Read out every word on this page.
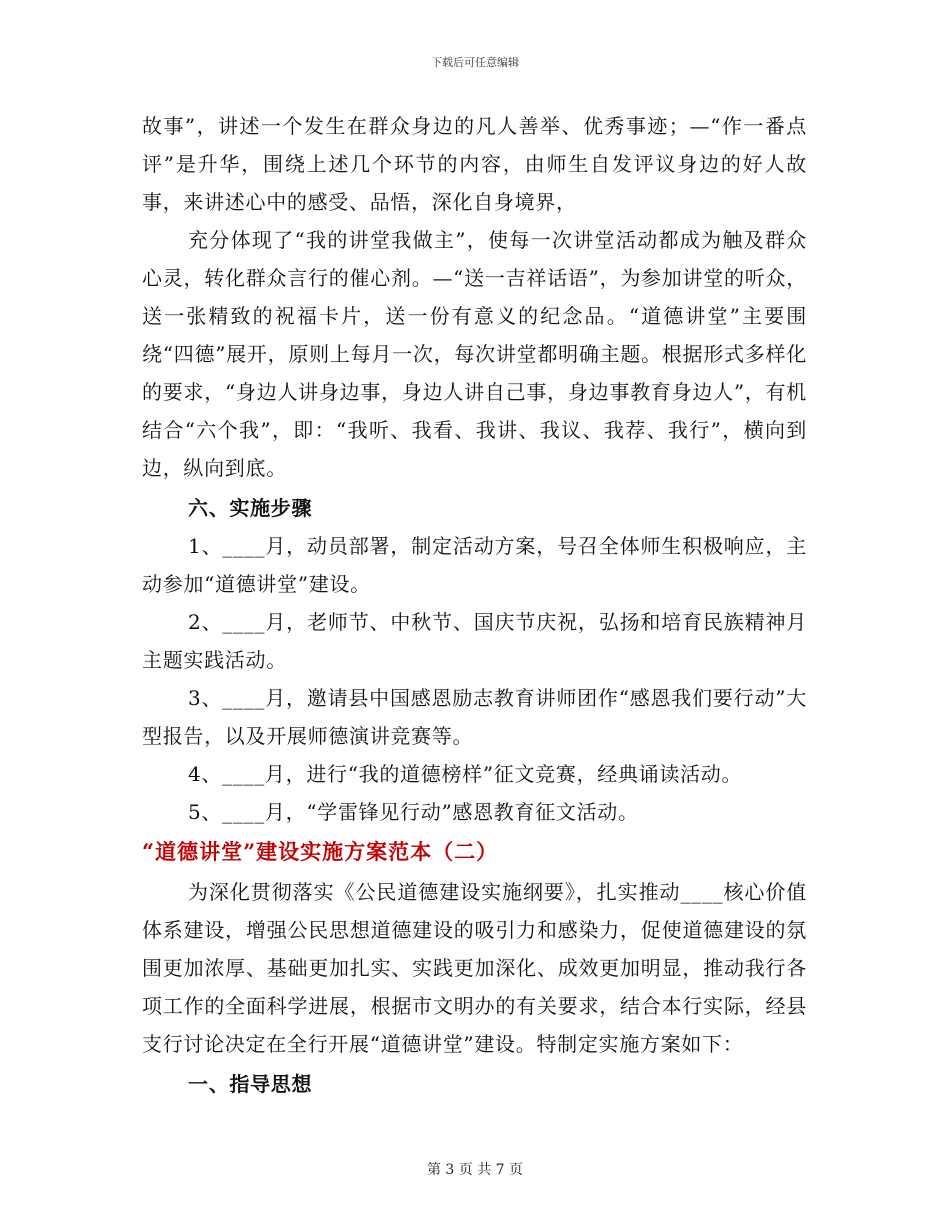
下载后可任意编辑

故事”，讲述一个发生在群众身边的凡人善举、优秀事迹；—“作一番点评”是升华，围绕上述几个环节的内容，由师生自发评议身边的好人故事，来讲述心中的感受、品悟，深化自身境界，

充分体现了“我的讲堂我做主”，使每一次讲堂活动都成为触及群众心灵，转化群众言行的催心剂。—“送一吉祥话语”，为参加讲堂的听众，送一张精致的祝福卡片，送一份有意义的纪念品。“道德讲堂”主要围绕“四德”展开，原则上每月一次，每次讲堂都明确主题。根据形式多样化的要求，“身边人讲身边事，身边人讲自己事，身边事教育身边人”，有机结合“六个我”，即：“我听、我看、我讲、我议、我荐、我行”，横向到边，纵向到底。

六、实施步骤

1、____月，动员部署，制定活动方案，号召全体师生积极响应，主动参加“道德讲堂”建设。

2、____月，老师节、中秋节、国庆节庆祝，弘扬和培育民族精神月主题实践活动。

3、____月，邀请县中国感恩励志教育讲师团作“感恩我们要行动”大型报告，以及开展师德演讲竞赛等。

4、____月，进行“我的道德榜样”征文竞赛，经典诵读活动。

5、____月，“学雷锋见行动”感恩教育征文活动。

“道德讲堂”建设实施方案范本（二）

为深化贯彻落实《公民道德建设实施纲要》，扎实推动____核心价值体系建设，增强公民思想道德建设的吸引力和感染力，促使道德建设的氛围更加浓厚、基础更加扎实、实践更加深化、成效更加明显，推动我行各项工作的全面科学进展，根据市文明办的有关要求，结合本行实际，经县支行讨论决定在全行开展“道德讲堂”建设。特制定实施方案如下：

一、指导思想

第 3 页 共 7 页
